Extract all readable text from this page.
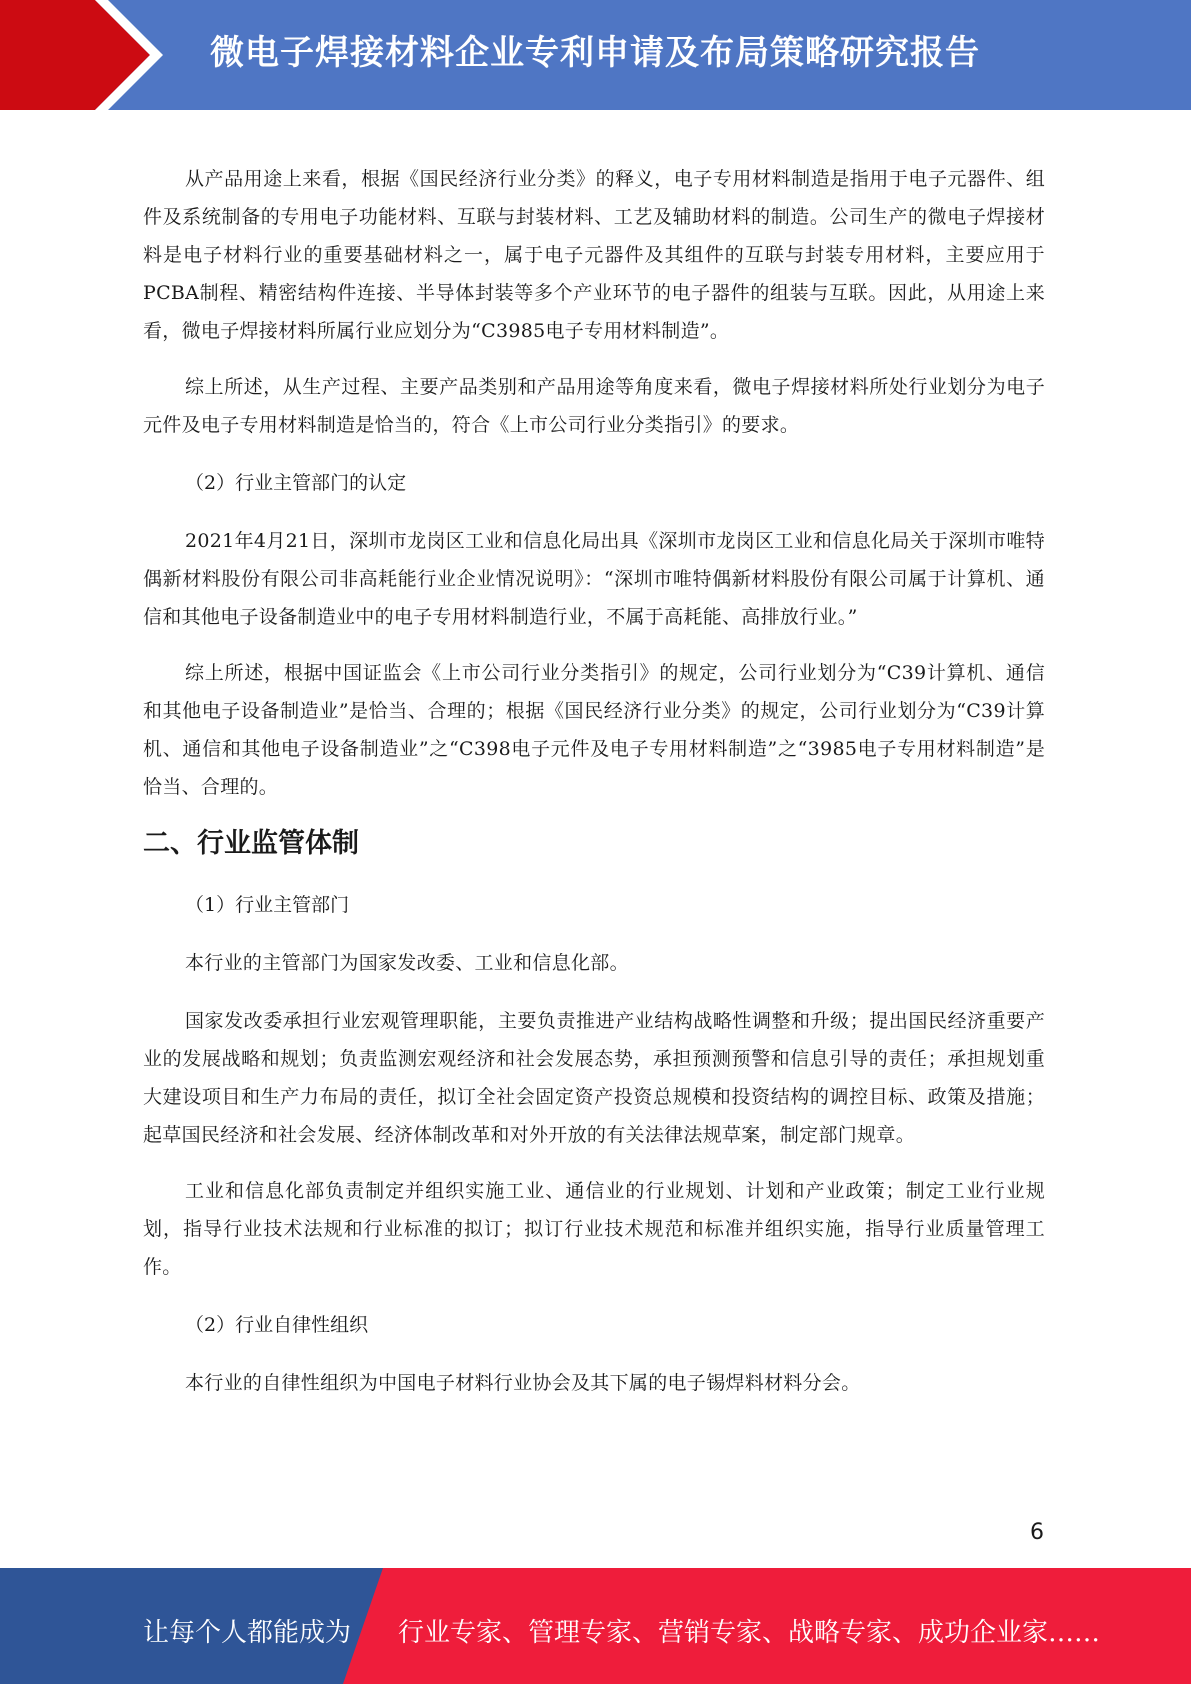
微电子焊接材料企业专利申请及布局策略研究报告

从产品用途上来看，根据《国民经济行业分类》的释义，电子专用材料制造是指用于电子元器件、组件及系统制备的专用电子功能材料、互联与封装材料、工艺及辅助材料的制造。公司生产的微电子焊接材料是电子材料行业的重要基础材料之一，属于电子元器件及其组件的互联与封装专用材料，主要应用于PCBA制程、精密结构件连接、半导体封装等多个产业环节的电子器件的组装与互联。因此，从用途上来看，微电子焊接材料所属行业应划分为“C3985电子专用材料制造”。

综上所述，从生产过程、主要产品类别和产品用途等角度来看，微电子焊接材料所处行业划分为电子元件及电子专用材料制造是恰当的，符合《上市公司行业分类指引》的要求。

（2）行业主管部门的认定

2021年4月21日，深圳市龙岗区工业和信息化局出具《深圳市龙岗区工业和信息化局关于深圳市唯特偶新材料股份有限公司非高耗能行业企业情况说明》：“深圳市唯特偶新材料股份有限公司属于计算机、通信和其他电子设备制造业中的电子专用材料制造行业，不属于高耗能、高排放行业。”

综上所述，根据中国证监会《上市公司行业分类指引》的规定，公司行业划分为“C39计算机、通信和其他电子设备制造业”是恰当、合理的；根据《国民经济行业分类》的规定，公司行业划分为“C39计算机、通信和其他电子设备制造业”之“C398电子元件及电子专用材料制造”之“3985电子专用材料制造”是恰当、合理的。

二、行业监管体制

（1）行业主管部门

本行业的主管部门为国家发改委、工业和信息化部。

国家发改委承担行业宏观管理职能，主要负责推进产业结构战略性调整和升级；提出国民经济重要产业的发展战略和规划；负责监测宏观经济和社会发展态势，承担预测预警和信息引导的责任；承担规划重大建设项目和生产力布局的责任，拟订全社会固定资产投资总规模和投资结构的调控目标、政策及措施；起草国民经济和社会发展、经济体制改革和对外开放的有关法律法规草案，制定部门规章。

工业和信息化部负责制定并组织实施工业、通信业的行业规划、计划和产业政策；制定工业行业规划，指导行业技术法规和行业标准的拟订；拟订行业技术规范和标准并组织实施，指导行业质量管理工作。

（2）行业自律性组织

本行业的自律性组织为中国电子材料行业协会及其下属的电子锡焊料材料分会。

6
让每个人都能成为 行业专家、管理专家、营销专家、战略专家、成功企业家……
